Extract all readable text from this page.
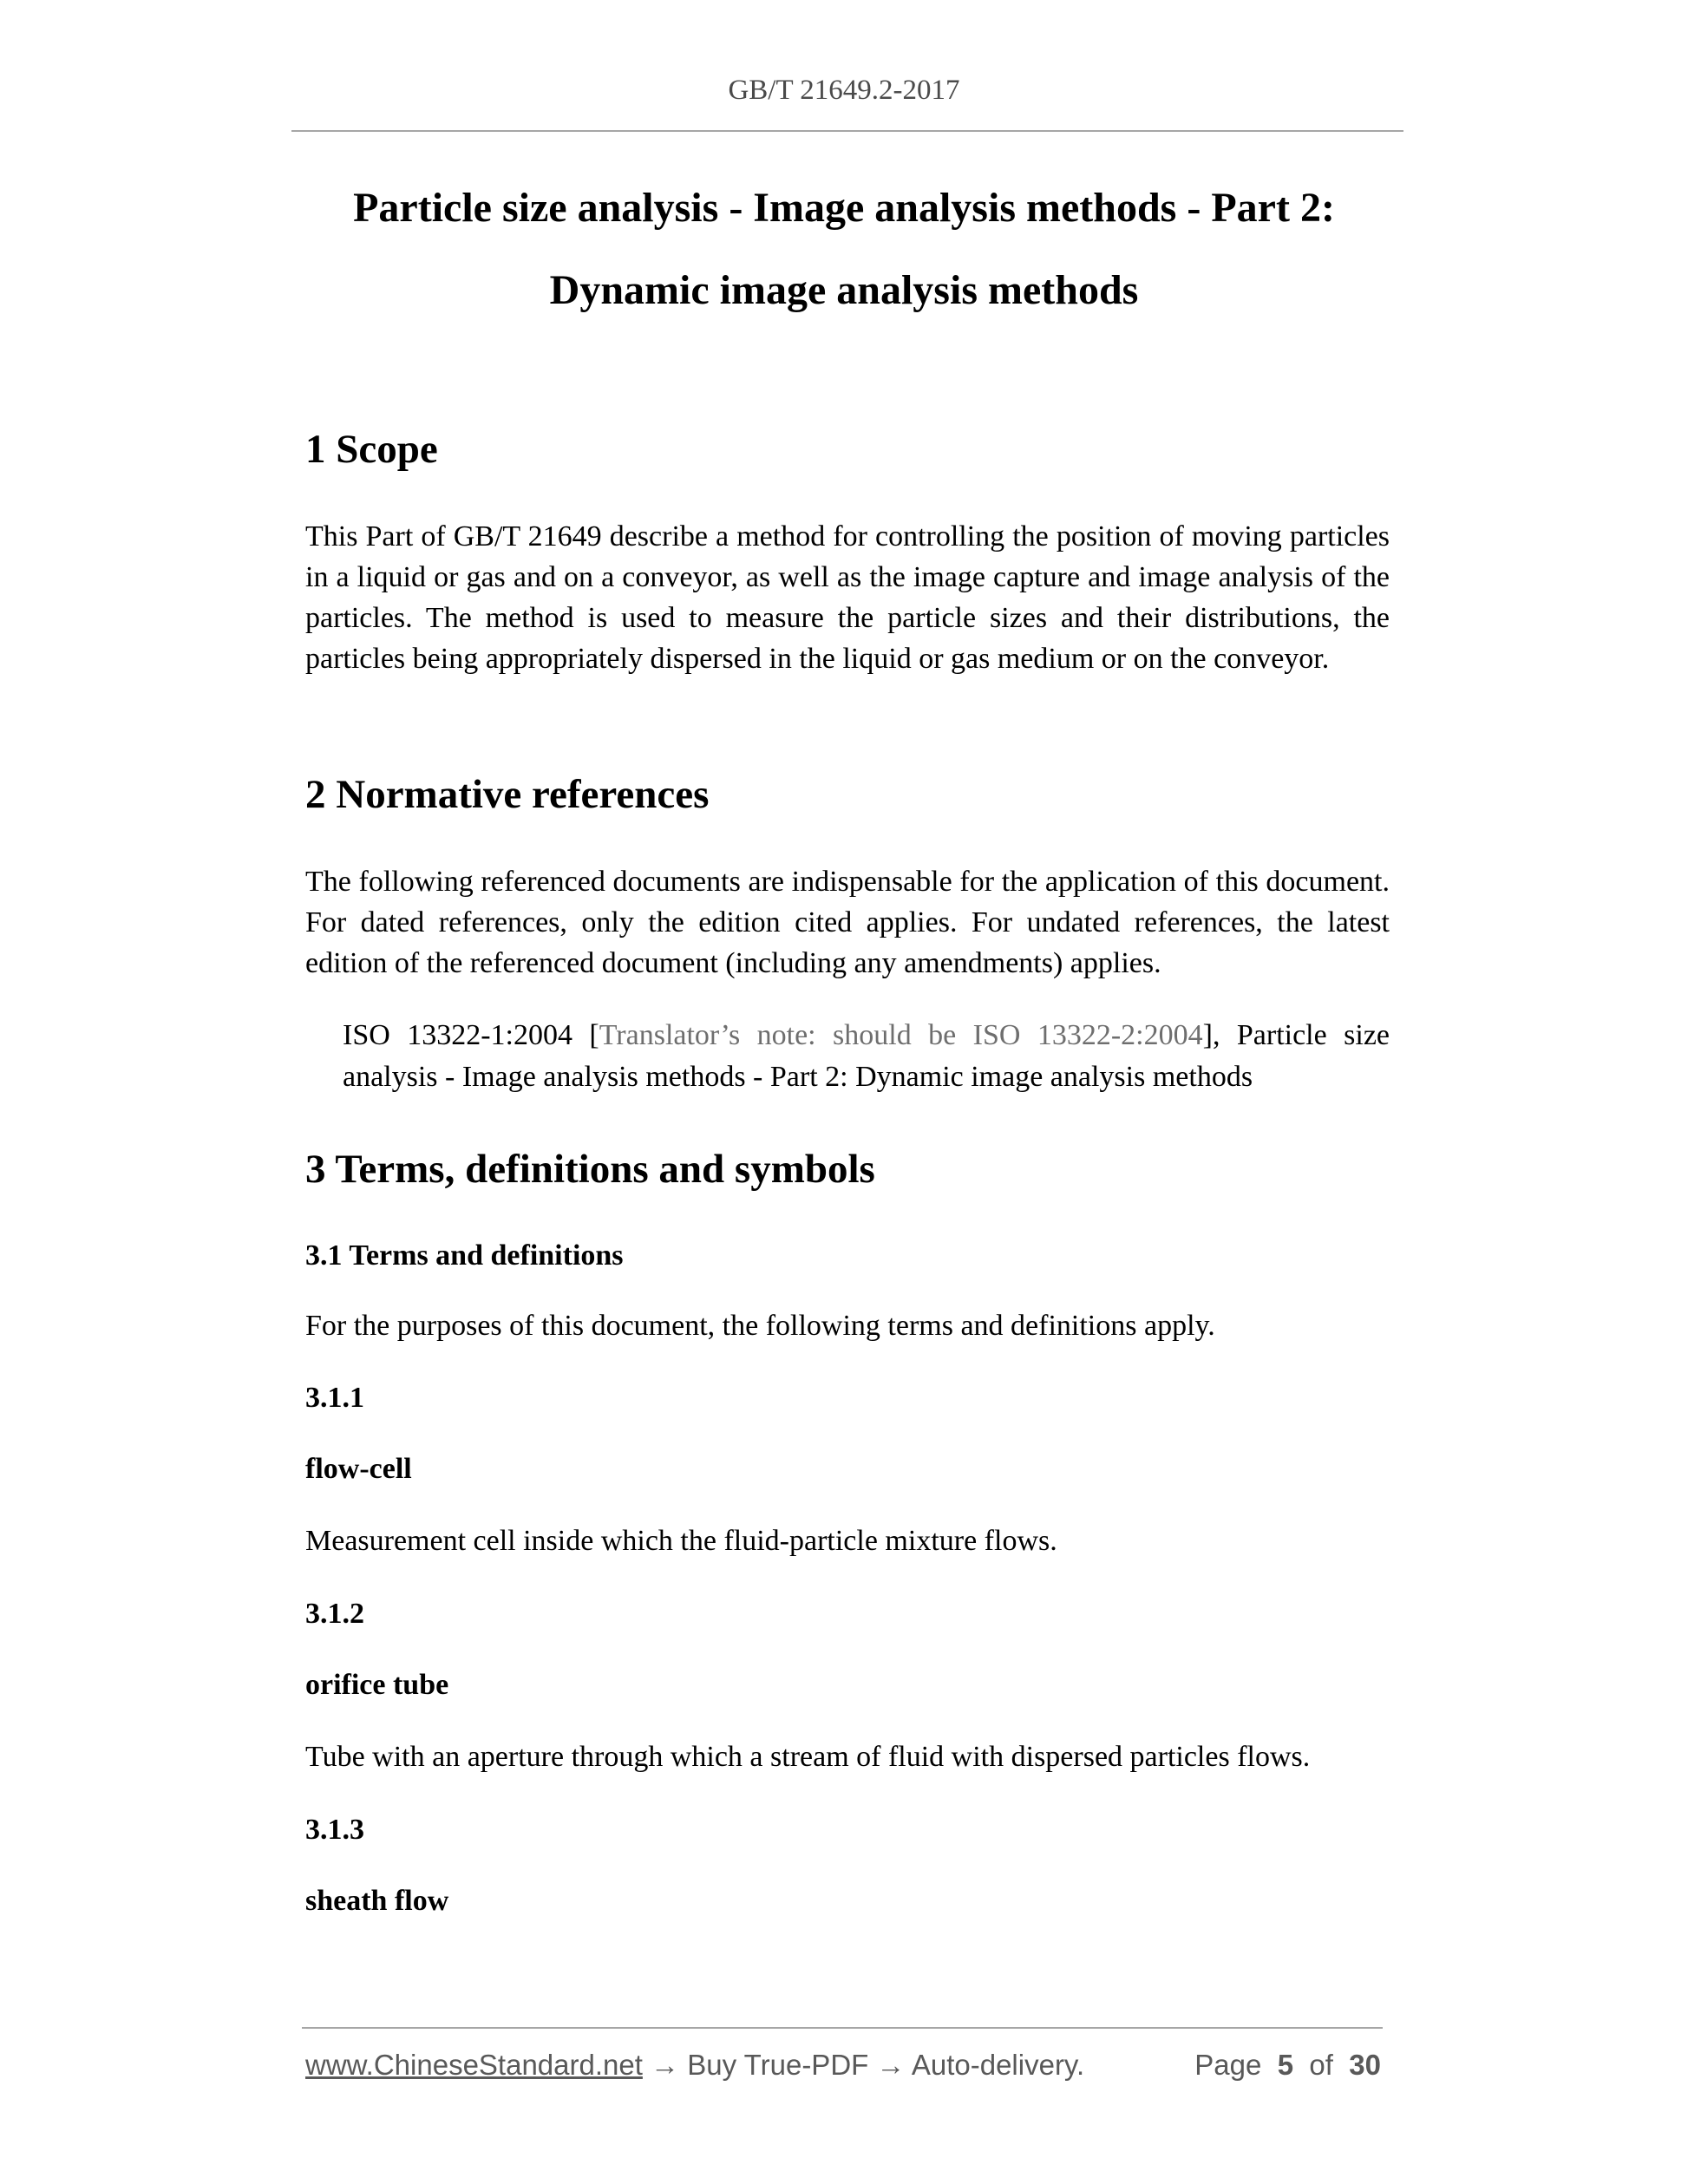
GB/T 21649.2-2017
Particle size analysis - Image analysis methods - Part 2:
Dynamic image analysis methods
1 Scope

This Part of GB/T 21649 describe a method for controlling the position of moving particles in a liquid or gas and on a conveyor, as well as the image capture and image analysis of the particles. The method is used to measure the particle sizes and their distributions, the particles being appropriately dispersed in the liquid or gas medium or on the conveyor.

2 Normative references

The following referenced documents are indispensable for the application of this document. For dated references, only the edition cited applies. For undated references, the latest edition of the referenced document (including any amendments) applies.

ISO 13322-1:2004 [Translator’s note: should be ISO 13322-2:2004], Particle size
analysis - Image analysis methods - Part 2: Dynamic image analysis methods
3 Terms, definitions and symbols
3.1 Terms and definitions

For the purposes of this document, the following terms and definitions apply.

3.1.1
flow-cell

Measurement cell inside which the fluid-particle mixture flows.

3.1.2
orifice tube

Tube with an aperture through which a stream of fluid with dispersed particles flows.

3.1.3
sheath flow
www.ChineseStandard.net → Buy True-PDF → Auto-delivery.	Page 5 of 30
